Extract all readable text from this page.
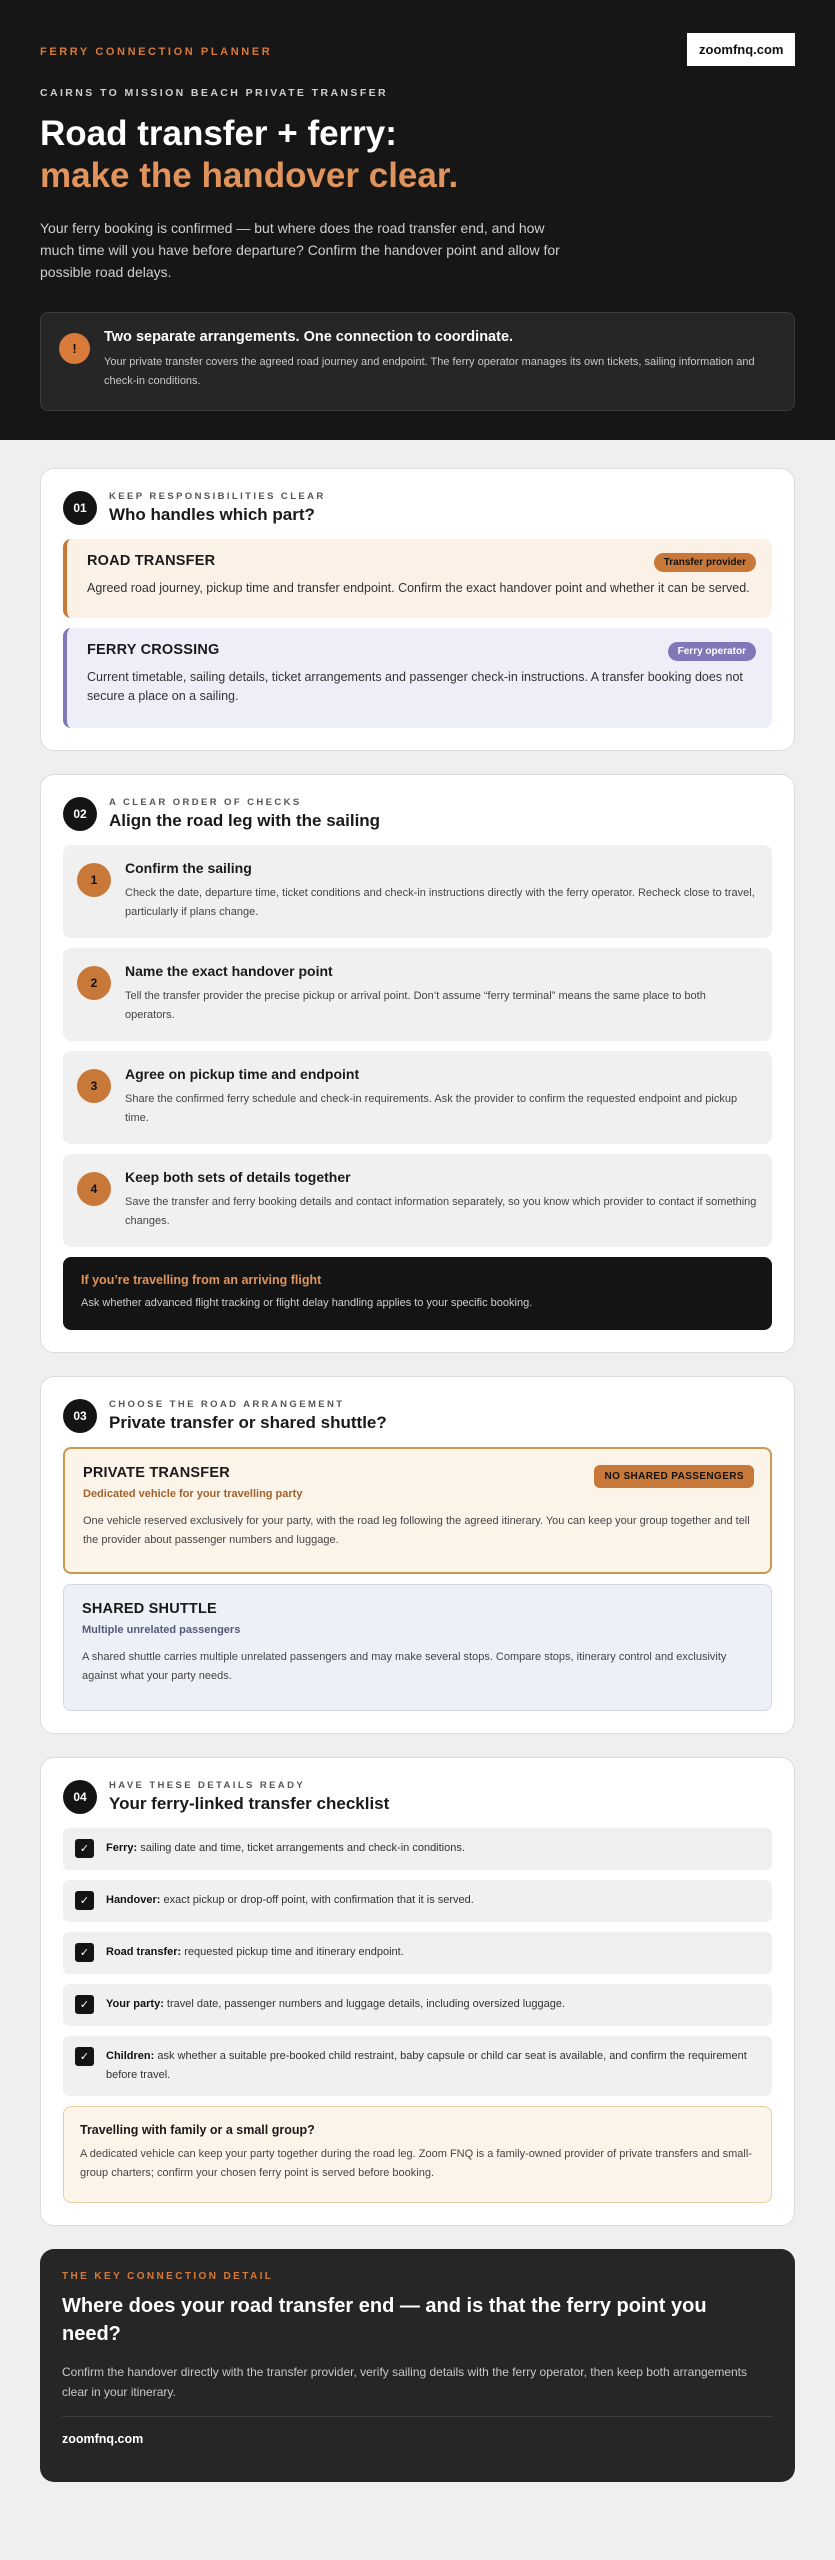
FERRY CONNECTION PLANNER	zoomfnq.com
CAIRNS TO MISSION BEACH PRIVATE TRANSFER
Road transfer + ferry:
make the handover clear.

Your ferry booking is confirmed — but where does the road transfer end, and how much time will you have before departure? Confirm the handover point and allow for possible road delays.

!
Two separate arrangements. One connection to coordinate.

Your private transfer covers the agreed road journey and endpoint. The ferry operator manages its own tickets, sailing information and check-in conditions.

01
KEEP RESPONSIBILITIES CLEAR
Who handles which part?
ROAD TRANSFER	Transfer provider

Agreed road journey, pickup time and transfer endpoint. Confirm the exact handover point and whether it can be served.

FERRY CROSSING	Ferry operator

Current timetable, sailing details, ticket arrangements and passenger check-in instructions. A transfer booking does not secure a place on a sailing.

02
A CLEAR ORDER OF CHECKS
Align the road leg with the sailing
1
Confirm the sailing

Check the date, departure time, ticket conditions and check-in instructions directly with the ferry operator. Recheck close to travel, particularly if plans change.

2
Name the exact handover point

Tell the transfer provider the precise pickup or arrival point. Don’t assume “ferry terminal” means the same place to both operators.

3
Agree on pickup time and endpoint

Share the confirmed ferry schedule and check-in requirements. Ask the provider to confirm the requested endpoint and pickup time.

4
Keep both sets of details together

Save the transfer and ferry booking details and contact information separately, so you know which provider to contact if something changes.

If you’re travelling from an arriving flight

Ask whether advanced flight tracking or flight delay handling applies to your specific booking.

03
CHOOSE THE ROAD ARRANGEMENT
Private transfer or shared shuttle?
PRIVATE TRANSFER	NO SHARED PASSENGERS
Dedicated vehicle for your travelling party

One vehicle reserved exclusively for your party, with the road leg following the agreed itinerary. You can keep your group together and tell the provider about passenger numbers and luggage.

SHARED SHUTTLE
Multiple unrelated passengers

A shared shuttle carries multiple unrelated passengers and may make several stops. Compare stops, itinerary control and exclusivity against what your party needs.

04
HAVE THESE DETAILS READY
Your ferry-linked transfer checklist
✓	Ferry: sailing date and time, ticket arrangements and check-in conditions.

✓	Handover: exact pickup or drop-off point, with confirmation that it is served.

✓	Road transfer: requested pickup time and itinerary endpoint.

✓	Your party: travel date, passenger numbers and luggage details, including oversized luggage.

✓	Children: ask whether a suitable pre-booked child restraint, baby capsule or child car seat is available, and confirm the requirement before travel.

Travelling with family or a small group?

A dedicated vehicle can keep your party together during the road leg. Zoom FNQ is a family-owned provider of private transfers and small-group charters; confirm your chosen ferry point is served before booking.

THE KEY CONNECTION DETAIL
Where does your road transfer end — and is that the ferry point you need?

Confirm the handover directly with the transfer provider, verify sailing details with the ferry operator, then keep both arrangements clear in your itinerary.

zoomfnq.com
